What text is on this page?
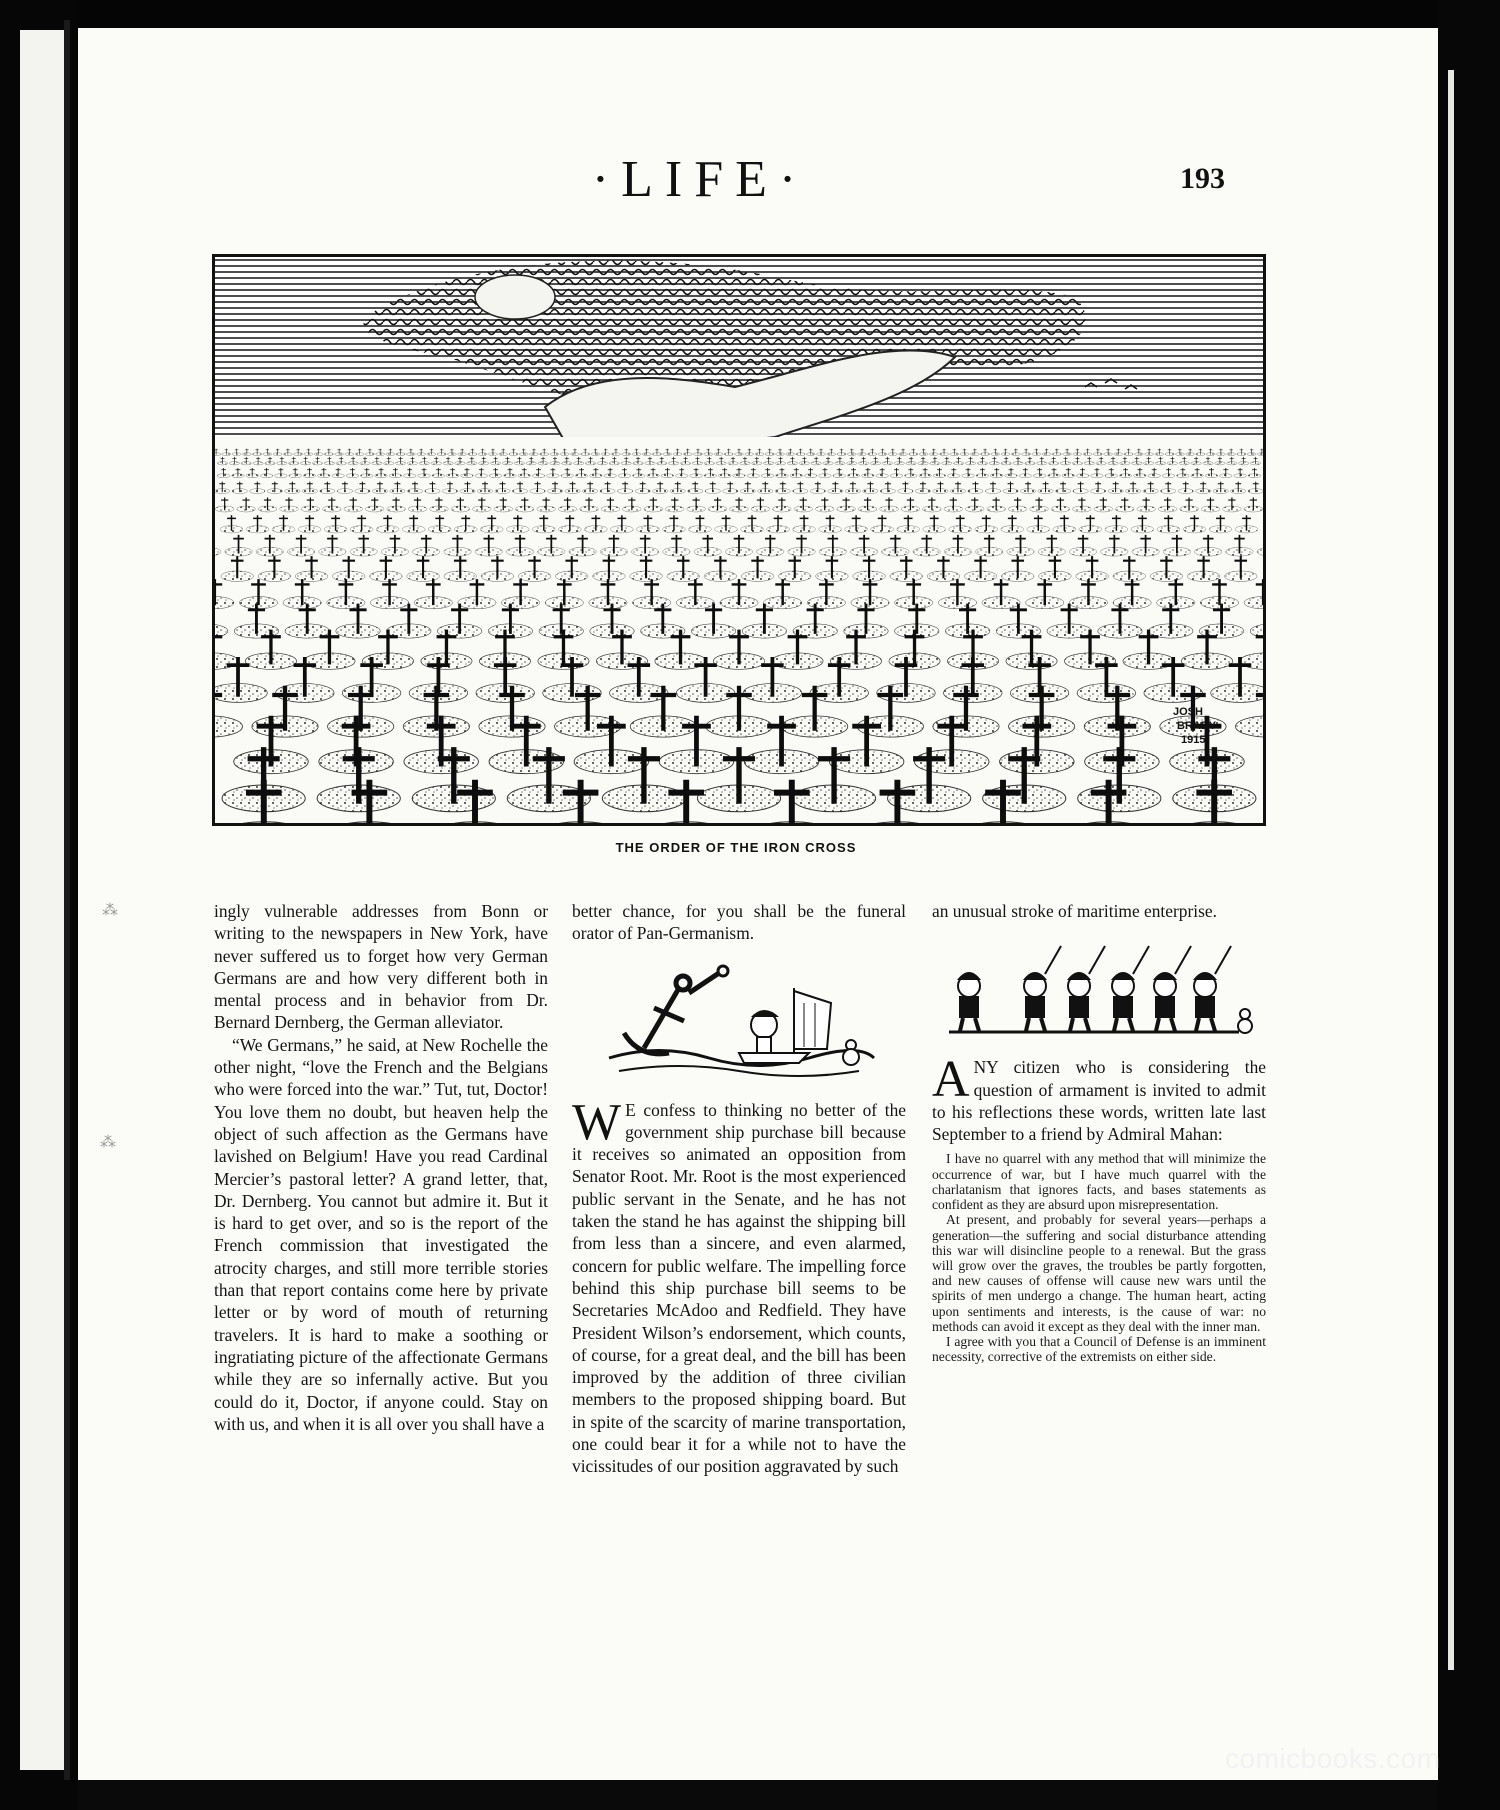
·LIFE·	193
JOSH
BRADY
1915
THE ORDER OF THE IRON CROSS
⁂
⁂

ingly vulnerable addresses from Bonn or writing to the newspapers in New York, have never suffered us to forget how very German Germans are and how very different both in mental process and in behavior from Dr. Bernard Dernberg, the German alleviator.

“We Germans,” he said, at New Rochelle the other night, “love the French and the Belgians who were forced into the war.” Tut, tut, Doctor! You love them no doubt, but heaven help the object of such affection as the Germans have lavished on Belgium! Have you read Cardinal Mercier’s pastoral letter? A grand letter, that, Dr. Dernberg. You cannot but admire it. But it is hard to get over, and so is the report of the French commission that investigated the atrocity charges, and still more terrible stories than that report contains come here by private letter or by word of mouth of returning travelers. It is hard to make a soothing or ingratiating picture of the affectionate Germans while they are so infernally active. But you could do it, Doctor, if anyone could. Stay on with us, and when it is all over you shall have a

better chance, for you shall be the funeral orator of Pan-Germanism.

W E confess to thinking no better of the government ship purchase bill because it receives so animated an opposition from Senator Root. Mr. Root is the most experienced public servant in the Senate, and he has not taken the stand he has against the shipping bill from less than a sincere, and even alarmed, concern for public welfare. The impelling force behind this ship purchase bill seems to be Secretaries McAdoo and Redfield. They have President Wilson’s endorsement, which counts, of course, for a great deal, and the bill has been improved by the addition of three civilian members to the proposed shipping board. But in spite of the scarcity of marine transportation, one could bear it for a while not to have the vicissitudes of our position aggravated by such

an unusual stroke of maritime enterprise.

ANY citizen who is considering the question of armament is invited to admit to his reflections these words, written late last September to a friend by Admiral Mahan:

I have no quarrel with any method that will minimize the occurrence of war, but I have much quarrel with the charlatanism that ignores facts, and bases statements as confident as they are absurd upon misrepresentation.

At present, and probably for several years—perhaps a generation—the suffering and social disturbance attending this war will disincline people to a renewal. But the grass will grow over the graves, the troubles be partly forgotten, and new causes of offense will cause new wars until the spirits of men undergo a change. The human heart, acting upon sentiments and interests, is the cause of war: no methods can avoid it except as they deal with the inner man.

I agree with you that a Council of Defense is an imminent necessity, corrective of the extremists on either side.

comicbooks.com
